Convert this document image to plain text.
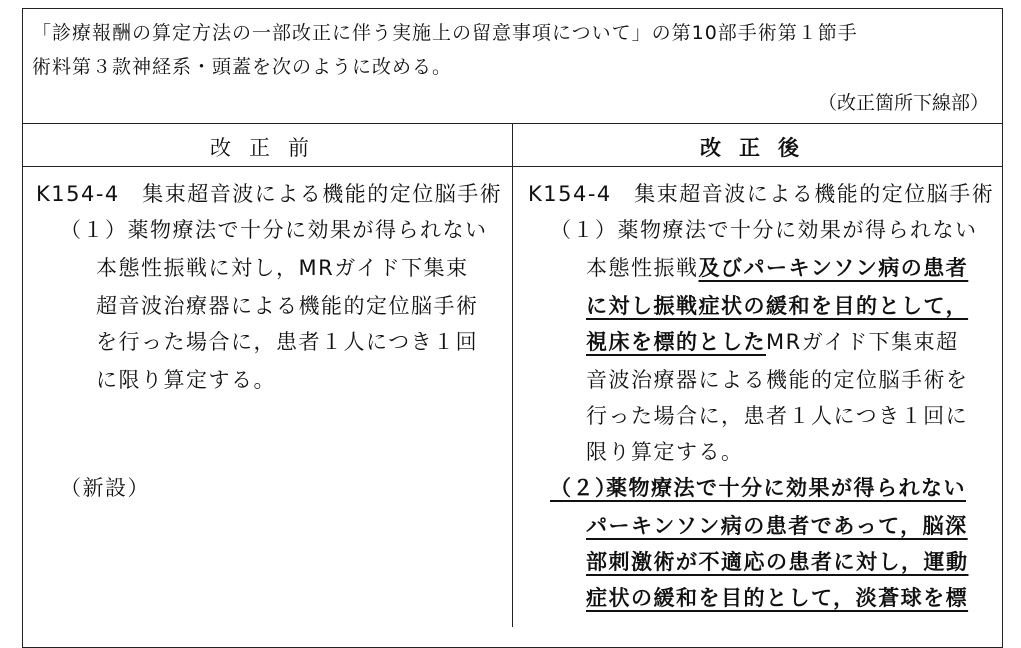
「診療報酬の算定方法の一部改正に伴う実施上の留意事項について」の第10部手術第１節手
術料第３款神経系・頭蓋を次のように改める。
（改正箇所下線部）
改正前	改正後
K154-4　集束超音波による機能的定位脳手術
（１）薬物療法で十分に効果が得られない
本態性振戦に対し，MRガイド下集束
超音波治療器による機能的定位脳手術
を行った場合に，患者１人につき１回
に限り算定する。
（新設）
K154-4　集束超音波による機能的定位脳手術
（１）薬物療法で十分に効果が得られない
本態性振戦及びパーキンソン病の患者
に対し振戦症状の緩和を目的として，
視床を標的としたMRガイド下集束超
音波治療器による機能的定位脳手術を
行った場合に，患者１人につき１回に
限り算定する。
（２）
薬物療法で十分に効果が得られない
パーキンソン病の患者であって，脳深
部刺激術が不適応の患者に対し，運動
症状の緩和を目的として，淡蒼球を標
